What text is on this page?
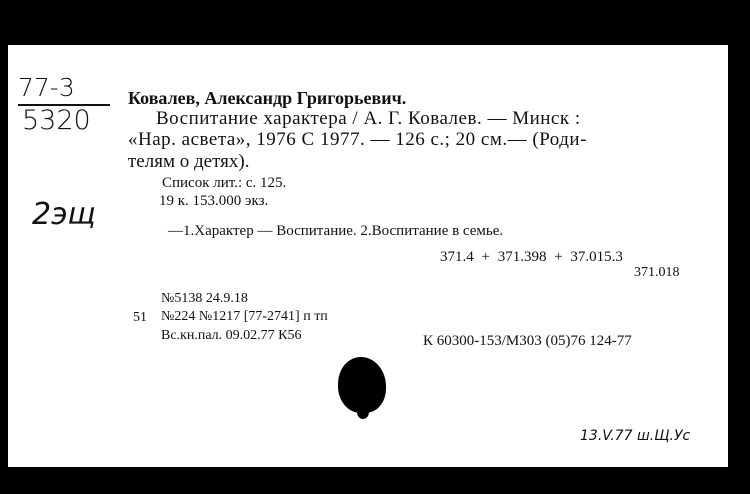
77-3
5320
2эщ
Ковалев, Александр Григорьевич.
Воспитание характера / А. Г. Ковалев. — Минск :
«Нар. асвета», 1976 С 1977. — 126 с.; 20 см.— (Роди-
телям о детях).
Список лит.: с. 125.
19 к. 153.000 экз.
—1.Характер — Воспитание. 2.Воспитание в семье.
371.4 + 371.398 + 37.015.3
371.018
51
№5138 24.9.18
№224 №1217 [77-2741] п тп
Вс.кн.пал. 09.02.77 К56	К 60300-153/М303 (05)76 124-77
13.V.77 ш.Щ.Ус
